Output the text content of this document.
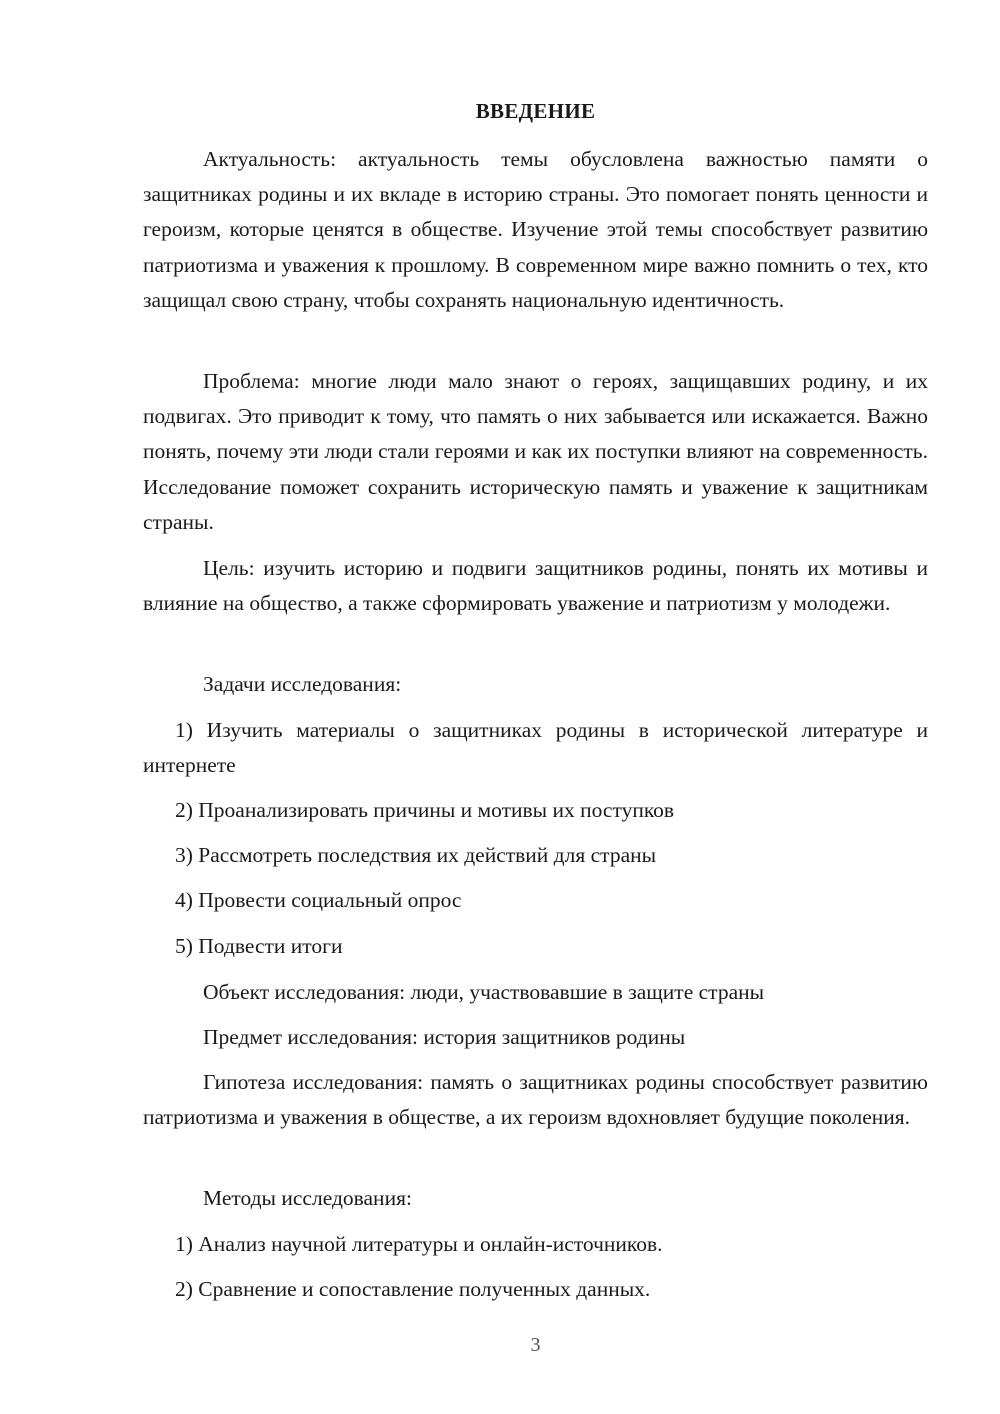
ВВЕДЕНИЕ

Актуальность: актуальность темы обусловлена важностью памяти о защитниках родины и их вкладе в историю страны. Это помогает понять ценности и героизм, которые ценятся в обществе. Изучение этой темы способствует развитию патриотизма и уважения к прошлому. В современном мире важно помнить о тех, кто защищал свою страну, чтобы сохранять национальную идентичность.

Проблема: многие люди мало знают о героях, защищавших родину, и их подвигах. Это приводит к тому, что память о них забывается или искажается. Важно понять, почему эти люди стали героями и как их поступки влияют на современность. Исследование поможет сохранить историческую память и уважение к защитникам страны.

Цель: изучить историю и подвиги защитников родины, понять их мотивы и влияние на общество, а также сформировать уважение и патриотизм у молодежи.

Задачи исследования:

1) Изучить материалы о защитниках родины в исторической литературе и интернете

2) Проанализировать причины и мотивы их поступков

3) Рассмотреть последствия их действий для страны

4) Провести социальный опрос

5) Подвести итоги

Объект исследования: люди, участвовавшие в защите страны

Предмет исследования: история защитников родины

Гипотеза исследования: память о защитниках родины способствует развитию патриотизма и уважения в обществе, а их героизм вдохновляет будущие поколения.

Методы исследования:

1) Анализ научной литературы и онлайн-источников.

2) Сравнение и сопоставление полученных данных.

3
